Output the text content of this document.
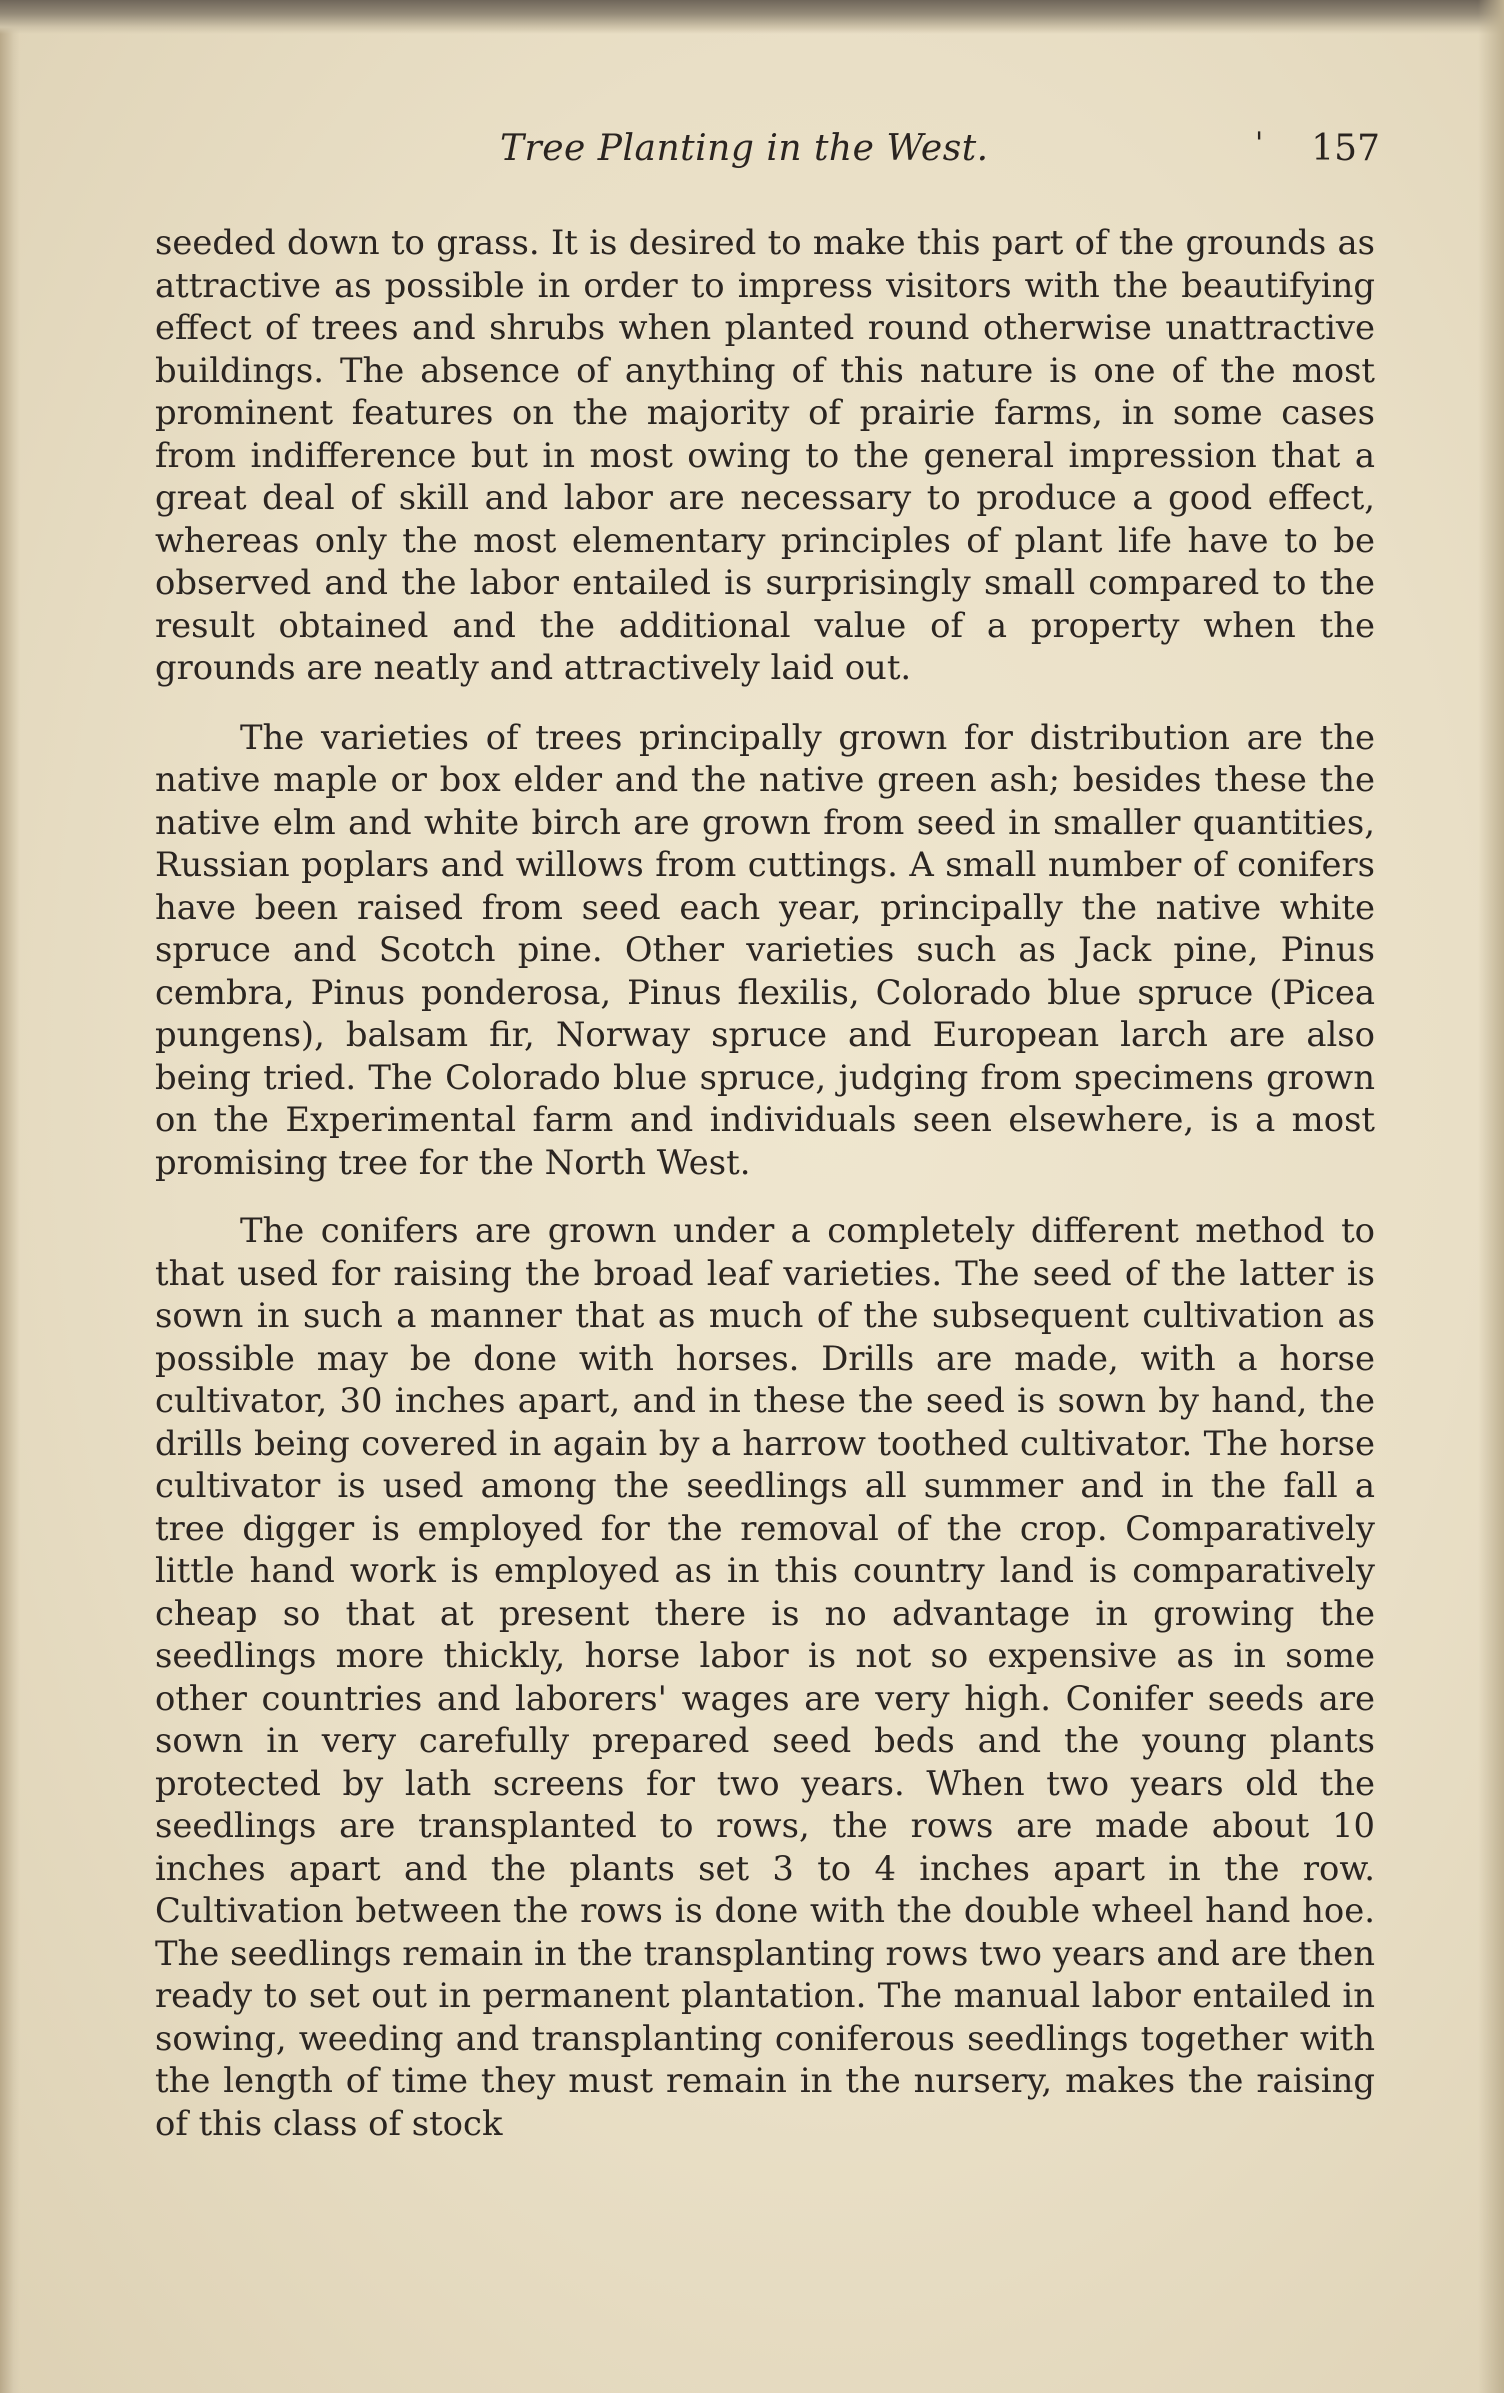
Tree Planting in the West.	' 157

seeded down to grass. It is desired to make this part of the grounds as attractive as possible in order to impress visitors with the beautifying effect of trees and shrubs when planted round otherwise unattractive buildings. The absence of anything of this nature is one of the most prominent features on the majority of prairie farms, in some cases from indifference but in most owing to the general impression that a great deal of skill and labor are necessary to produce a good effect, whereas only the most elementary principles of plant life have to be observed and the labor entailed is surprisingly small compared to the result obtained and the additional value of a property when the grounds are neatly and attractively laid out.

The varieties of trees principally grown for distribution are the native maple or box elder and the native green ash; besides these the native elm and white birch are grown from seed in smaller quantities, Russian poplars and willows from cuttings. A small number of conifers have been raised from seed each year, principally the native white spruce and Scotch pine. Other varieties such as Jack pine, Pinus cembra, Pinus ponderosa, Pinus flexilis, Colorado blue spruce (Picea pungens), balsam fir, Norway spruce and European larch are also being tried. The Colorado blue spruce, judging from specimens grown on the Experimental farm and individuals seen elsewhere, is a most promising tree for the North West.

The conifers are grown under a completely different method to that used for raising the broad leaf varieties. The seed of the latter is sown in such a manner that as much of the subsequent cultivation as possible may be done with horses. Drills are made, with a horse cultivator, 30 inches apart, and in these the seed is sown by hand, the drills being covered in again by a harrow toothed cultivator. The horse cultivator is used among the seedlings all summer and in the fall a tree digger is employed for the removal of the crop. Comparatively little hand work is employed as in this country land is comparatively cheap so that at present there is no advantage in growing the seedlings more thickly, horse labor is not so expensive as in some other countries and laborers' wages are very high. Conifer seeds are sown in very carefully prepared seed beds and the young plants protected by lath screens for two years. When two years old the seedlings are transplanted to rows, the rows are made about 10 inches apart and the plants set 3 to 4 inches apart in the row. Cultivation between the rows is done with the double wheel hand hoe. The seedlings remain in the transplanting rows two years and are then ready to set out in permanent plantation. The manual labor entailed in sowing, weeding and transplanting coniferous seedlings together with the length of time they must remain in the nursery, makes the raising of this class of stock
